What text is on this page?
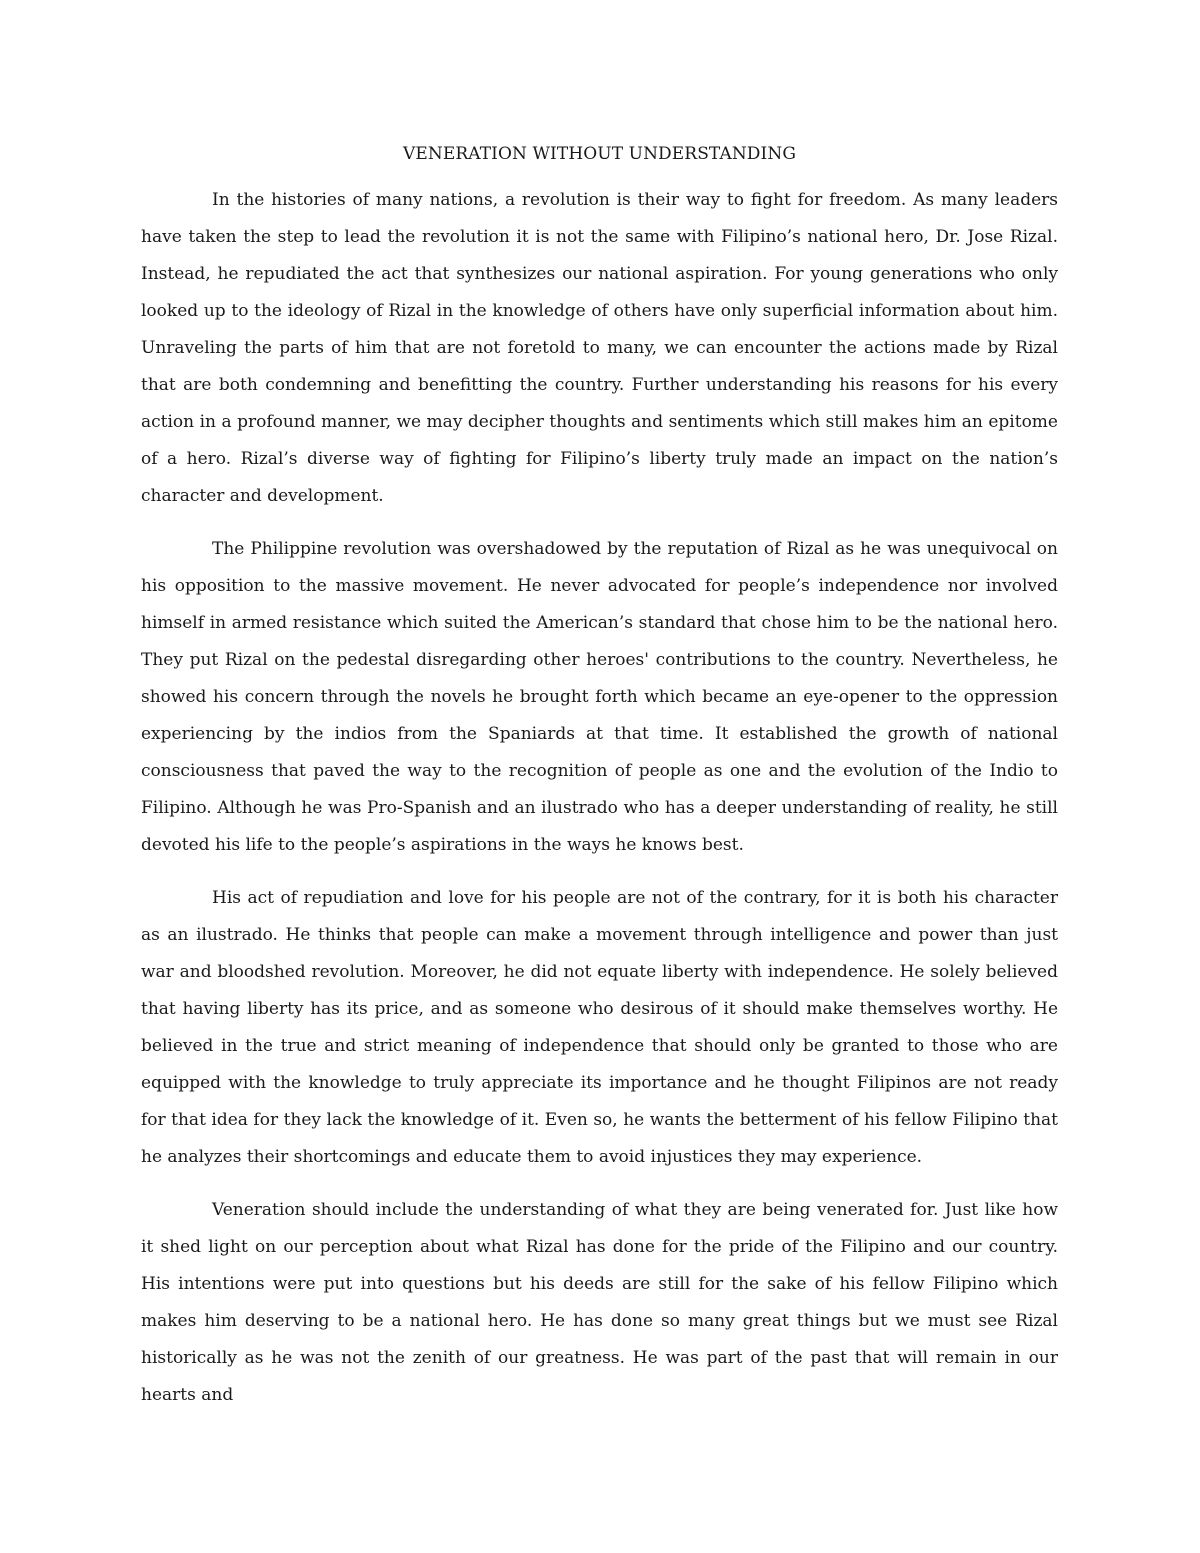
VENERATION WITHOUT UNDERSTANDING

In the histories of many nations, a revolution is their way to fight for freedom. As many leaders have taken the step to lead the revolution it is not the same with Filipino’s national hero, Dr. Jose Rizal. Instead, he repudiated the act that synthesizes our national aspiration. For young generations who only looked up to the ideology of Rizal in the knowledge of others have only superficial information about him. Unraveling the parts of him that are not foretold to many, we can encounter the actions made by Rizal that are both condemning and benefitting the country. Further understanding his reasons for his every action in a profound manner, we may decipher thoughts and sentiments which still makes him an epitome of a hero. Rizal’s diverse way of fighting for Filipino’s liberty truly made an impact on the nation’s character and development.

The Philippine revolution was overshadowed by the reputation of Rizal as he was unequivocal on his opposition to the massive movement. He never advocated for people’s independence nor involved himself in armed resistance which suited the American’s standard that chose him to be the national hero. They put Rizal on the pedestal disregarding other heroes' contributions to the country. Nevertheless, he showed his concern through the novels he brought forth which became an eye-opener to the oppression experiencing by the indios from the Spaniards at that time. It established the growth of national consciousness that paved the way to the recognition of people as one and the evolution of the Indio to Filipino. Although he was Pro-Spanish and an ilustrado who has a deeper understanding of reality, he still devoted his life to the people’s aspirations in the ways he knows best.

His act of repudiation and love for his people are not of the contrary, for it is both his character as an ilustrado. He thinks that people can make a movement through intelligence and power than just war and bloodshed revolution. Moreover, he did not equate liberty with independence. He solely believed that having liberty has its price, and as someone who desirous of it should make themselves worthy. He believed in the true and strict meaning of independence that should only be granted to those who are equipped with the knowledge to truly appreciate its importance and he thought Filipinos are not ready for that idea for they lack the knowledge of it. Even so, he wants the betterment of his fellow Filipino that he analyzes their shortcomings and educate them to avoid injustices they may experience.

Veneration should include the understanding of what they are being venerated for. Just like how it shed light on our perception about what Rizal has done for the pride of the Filipino and our country. His intentions were put into questions but his deeds are still for the sake of his fellow Filipino which makes him deserving to be a national hero. He has done so many great things but we must see Rizal historically as he was not the zenith of our greatness. He was part of the past that will remain in our hearts and
